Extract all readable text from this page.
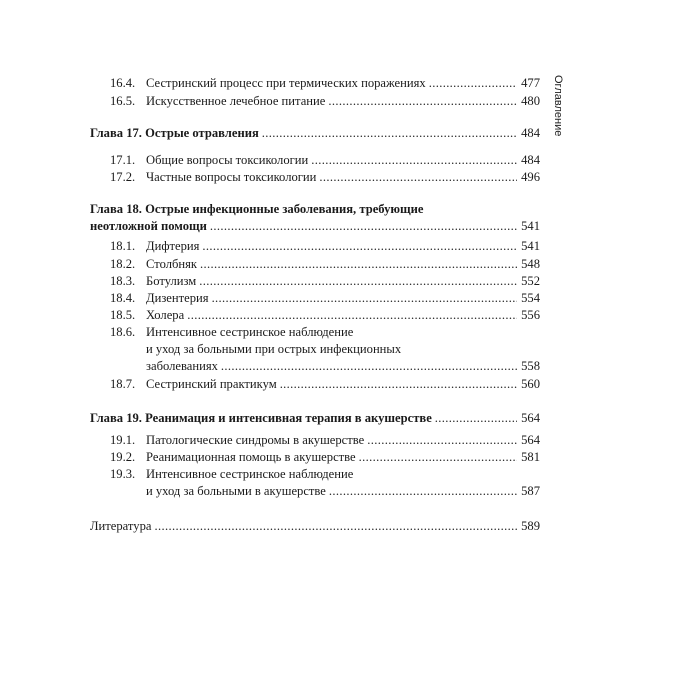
Оглавление
16.4. Сестринский процесс при термических поражениях . . .	477
16.5. Искусственное лечебное питание . . .	480
Глава 17. Острые отравления . . .	484
17.1. Общие вопросы токсикологии . . .	484
17.2. Частные вопросы токсикологии . . .	496
Глава 18. Острые инфекционные заболевания, требующие
неотложной помощи . . .	541
18.1. Дифтерия . . .	541
18.2. Столбняк . . .	548
18.3. Ботулизм . . .	552
18.4. Дизентерия . . .	554
18.5. Холера . . .	556
18.6. Интенсивное сестринское наблюдение
и уход за больными при острых инфекционных
заболеваниях . . .	558
18.7. Сестринский практикум . . .	560
Глава 19. Реанимация и интенсивная терапия в акушерстве . . .	564
19.1. Патологические синдромы в акушерстве . . .	564
19.2. Реанимационная помощь в акушерстве . . .	581
19.3. Интенсивное сестринское наблюдение
и уход за больными в акушерстве . . .	587
Литература . . .	589
